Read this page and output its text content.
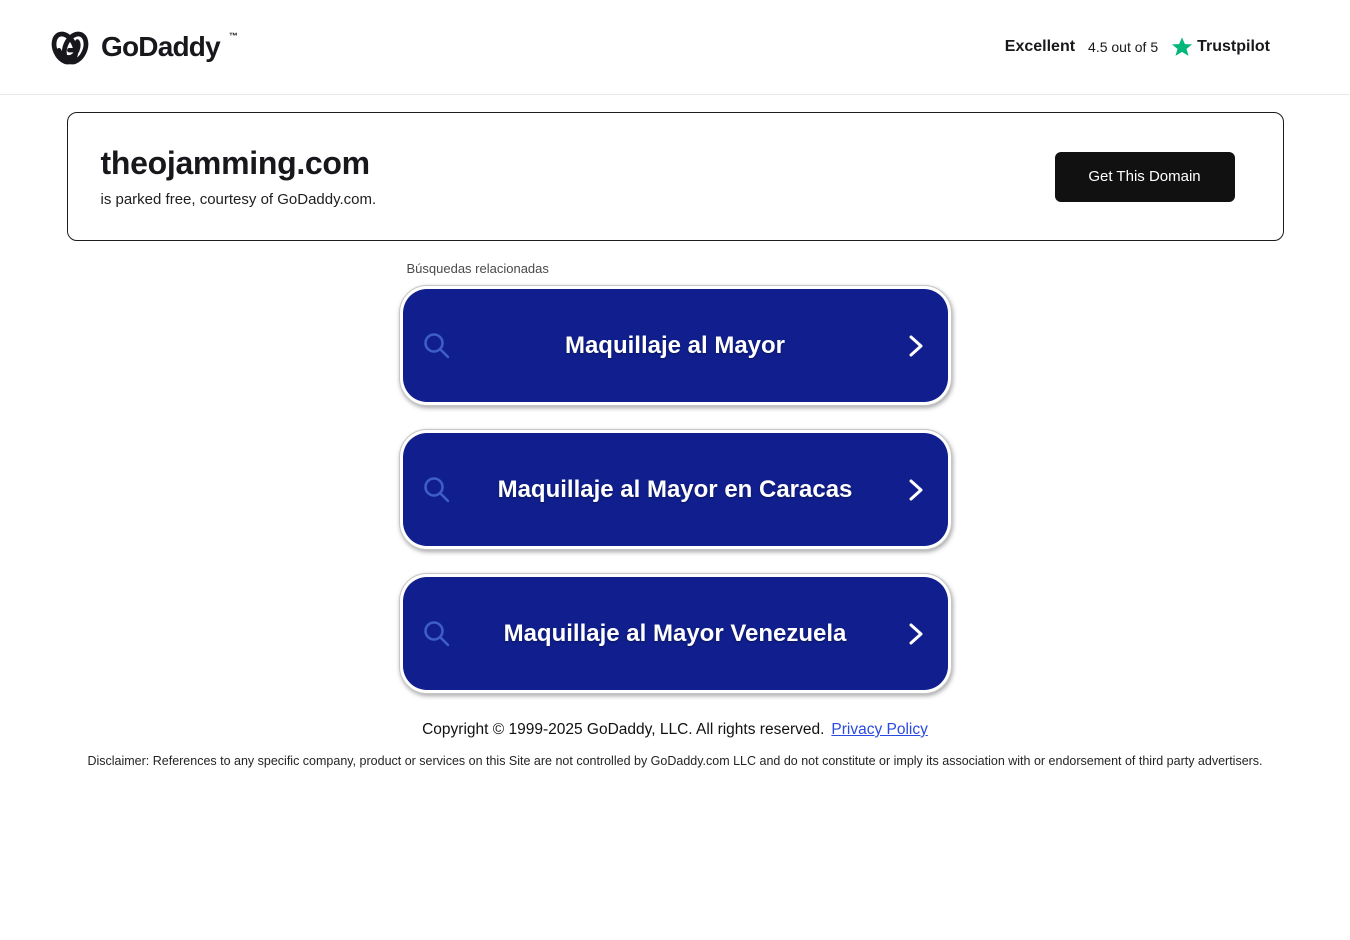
GoDaddy ™
Excellent 4.5 out of 5 Trustpilot
theojamming.com

is parked free, courtesy of GoDaddy.com.

Get This Domain
Búsquedas relacionadas
Maquillaje al Mayor
Maquillaje al Mayor en Caracas
Maquillaje al Mayor Venezuela

Copyright © 1999-2025 GoDaddy, LLC. All rights reserved. Privacy Policy

Disclaimer: References to any specific company, product or services on this Site are not controlled by GoDaddy.com LLC and do not constitute or imply its association with or endorsement of third party advertisers.
